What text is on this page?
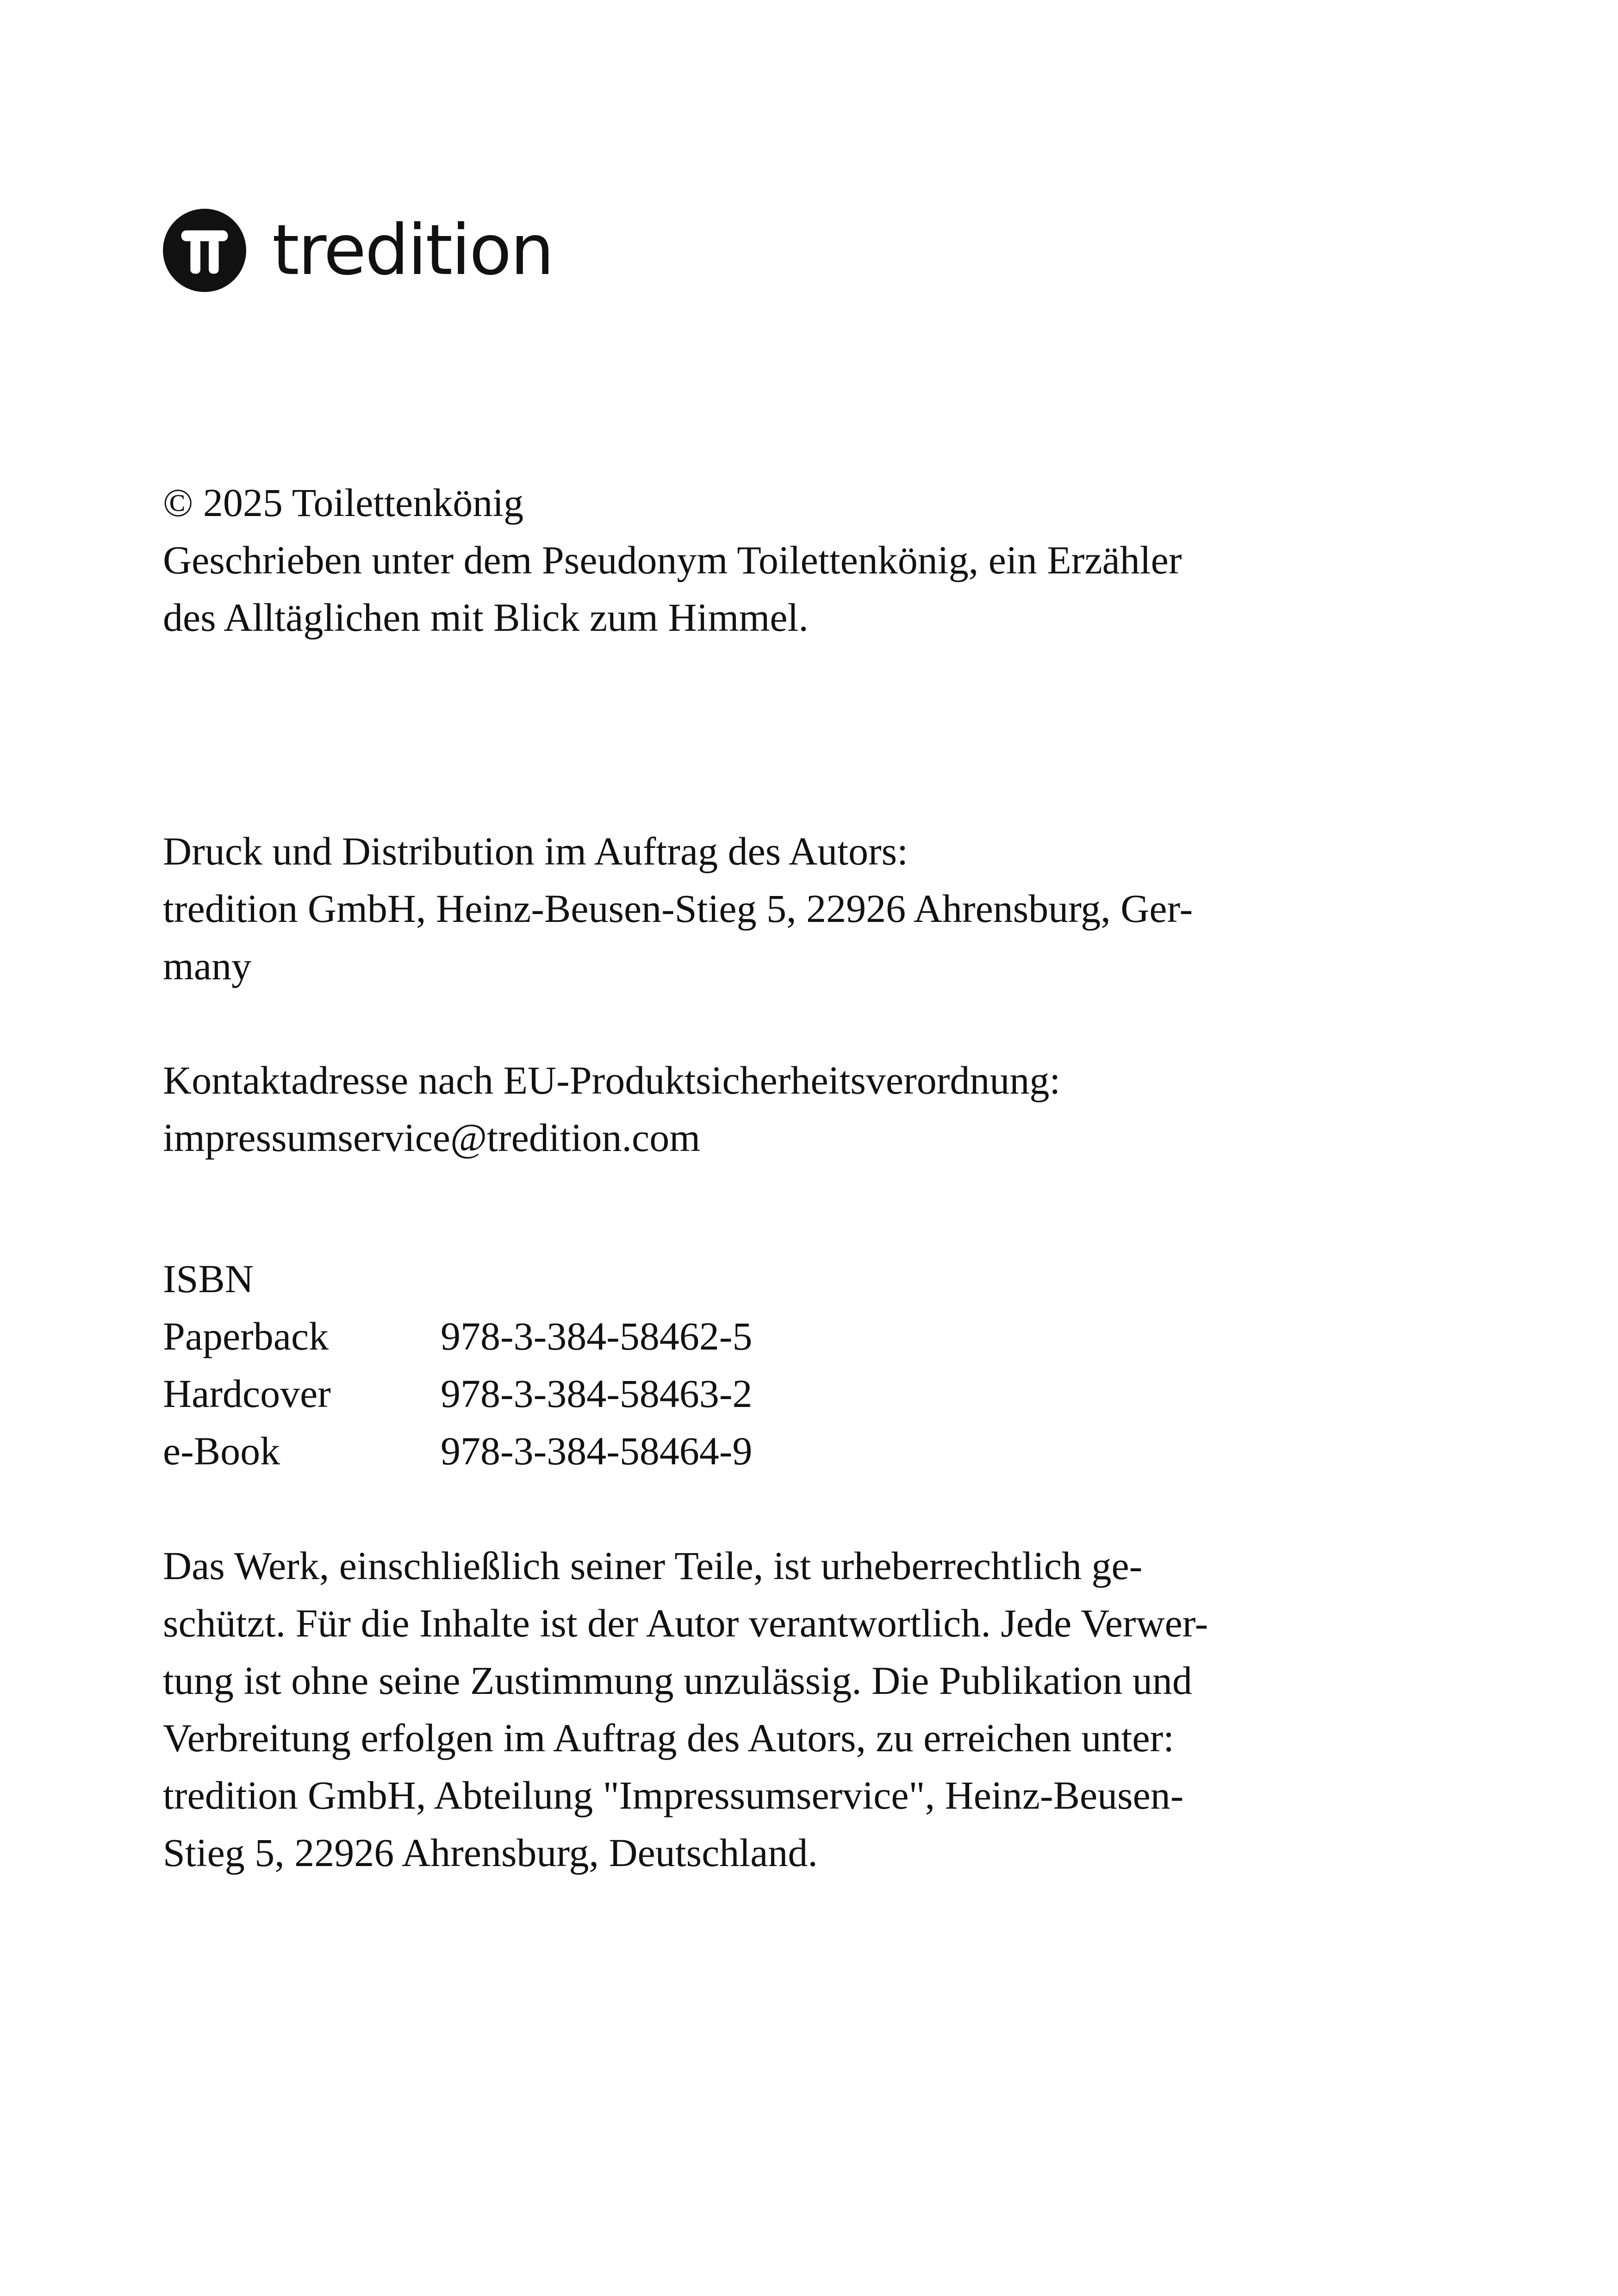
tredition
© 2025 Toilettenkönig
Geschrieben unter dem Pseudonym Toilettenkönig, ein Erzähler
des Alltäglichen mit Blick zum Himmel.
Druck und Distribution im Auftrag des Autors:
tredition GmbH, Heinz-Beusen-Stieg 5, 22926 Ahrensburg, Ger-
many
Kontaktadresse nach EU-Produktsicherheitsverordnung:
impressumservice@tredition.com
ISBN
Paperback	978-3-384-58462-5
Hardcover	978-3-384-58463-2
e-Book	978-3-384-58464-9
Das Werk, einschließlich seiner Teile, ist urheberrechtlich ge-
schützt. Für die Inhalte ist der Autor verantwortlich. Jede Verwer-
tung ist ohne seine Zustimmung unzulässig. Die Publikation und
Verbreitung erfolgen im Auftrag des Autors, zu erreichen unter:
tredition GmbH, Abteilung "Impressumservice", Heinz-Beusen-
Stieg 5, 22926 Ahrensburg, Deutschland.
